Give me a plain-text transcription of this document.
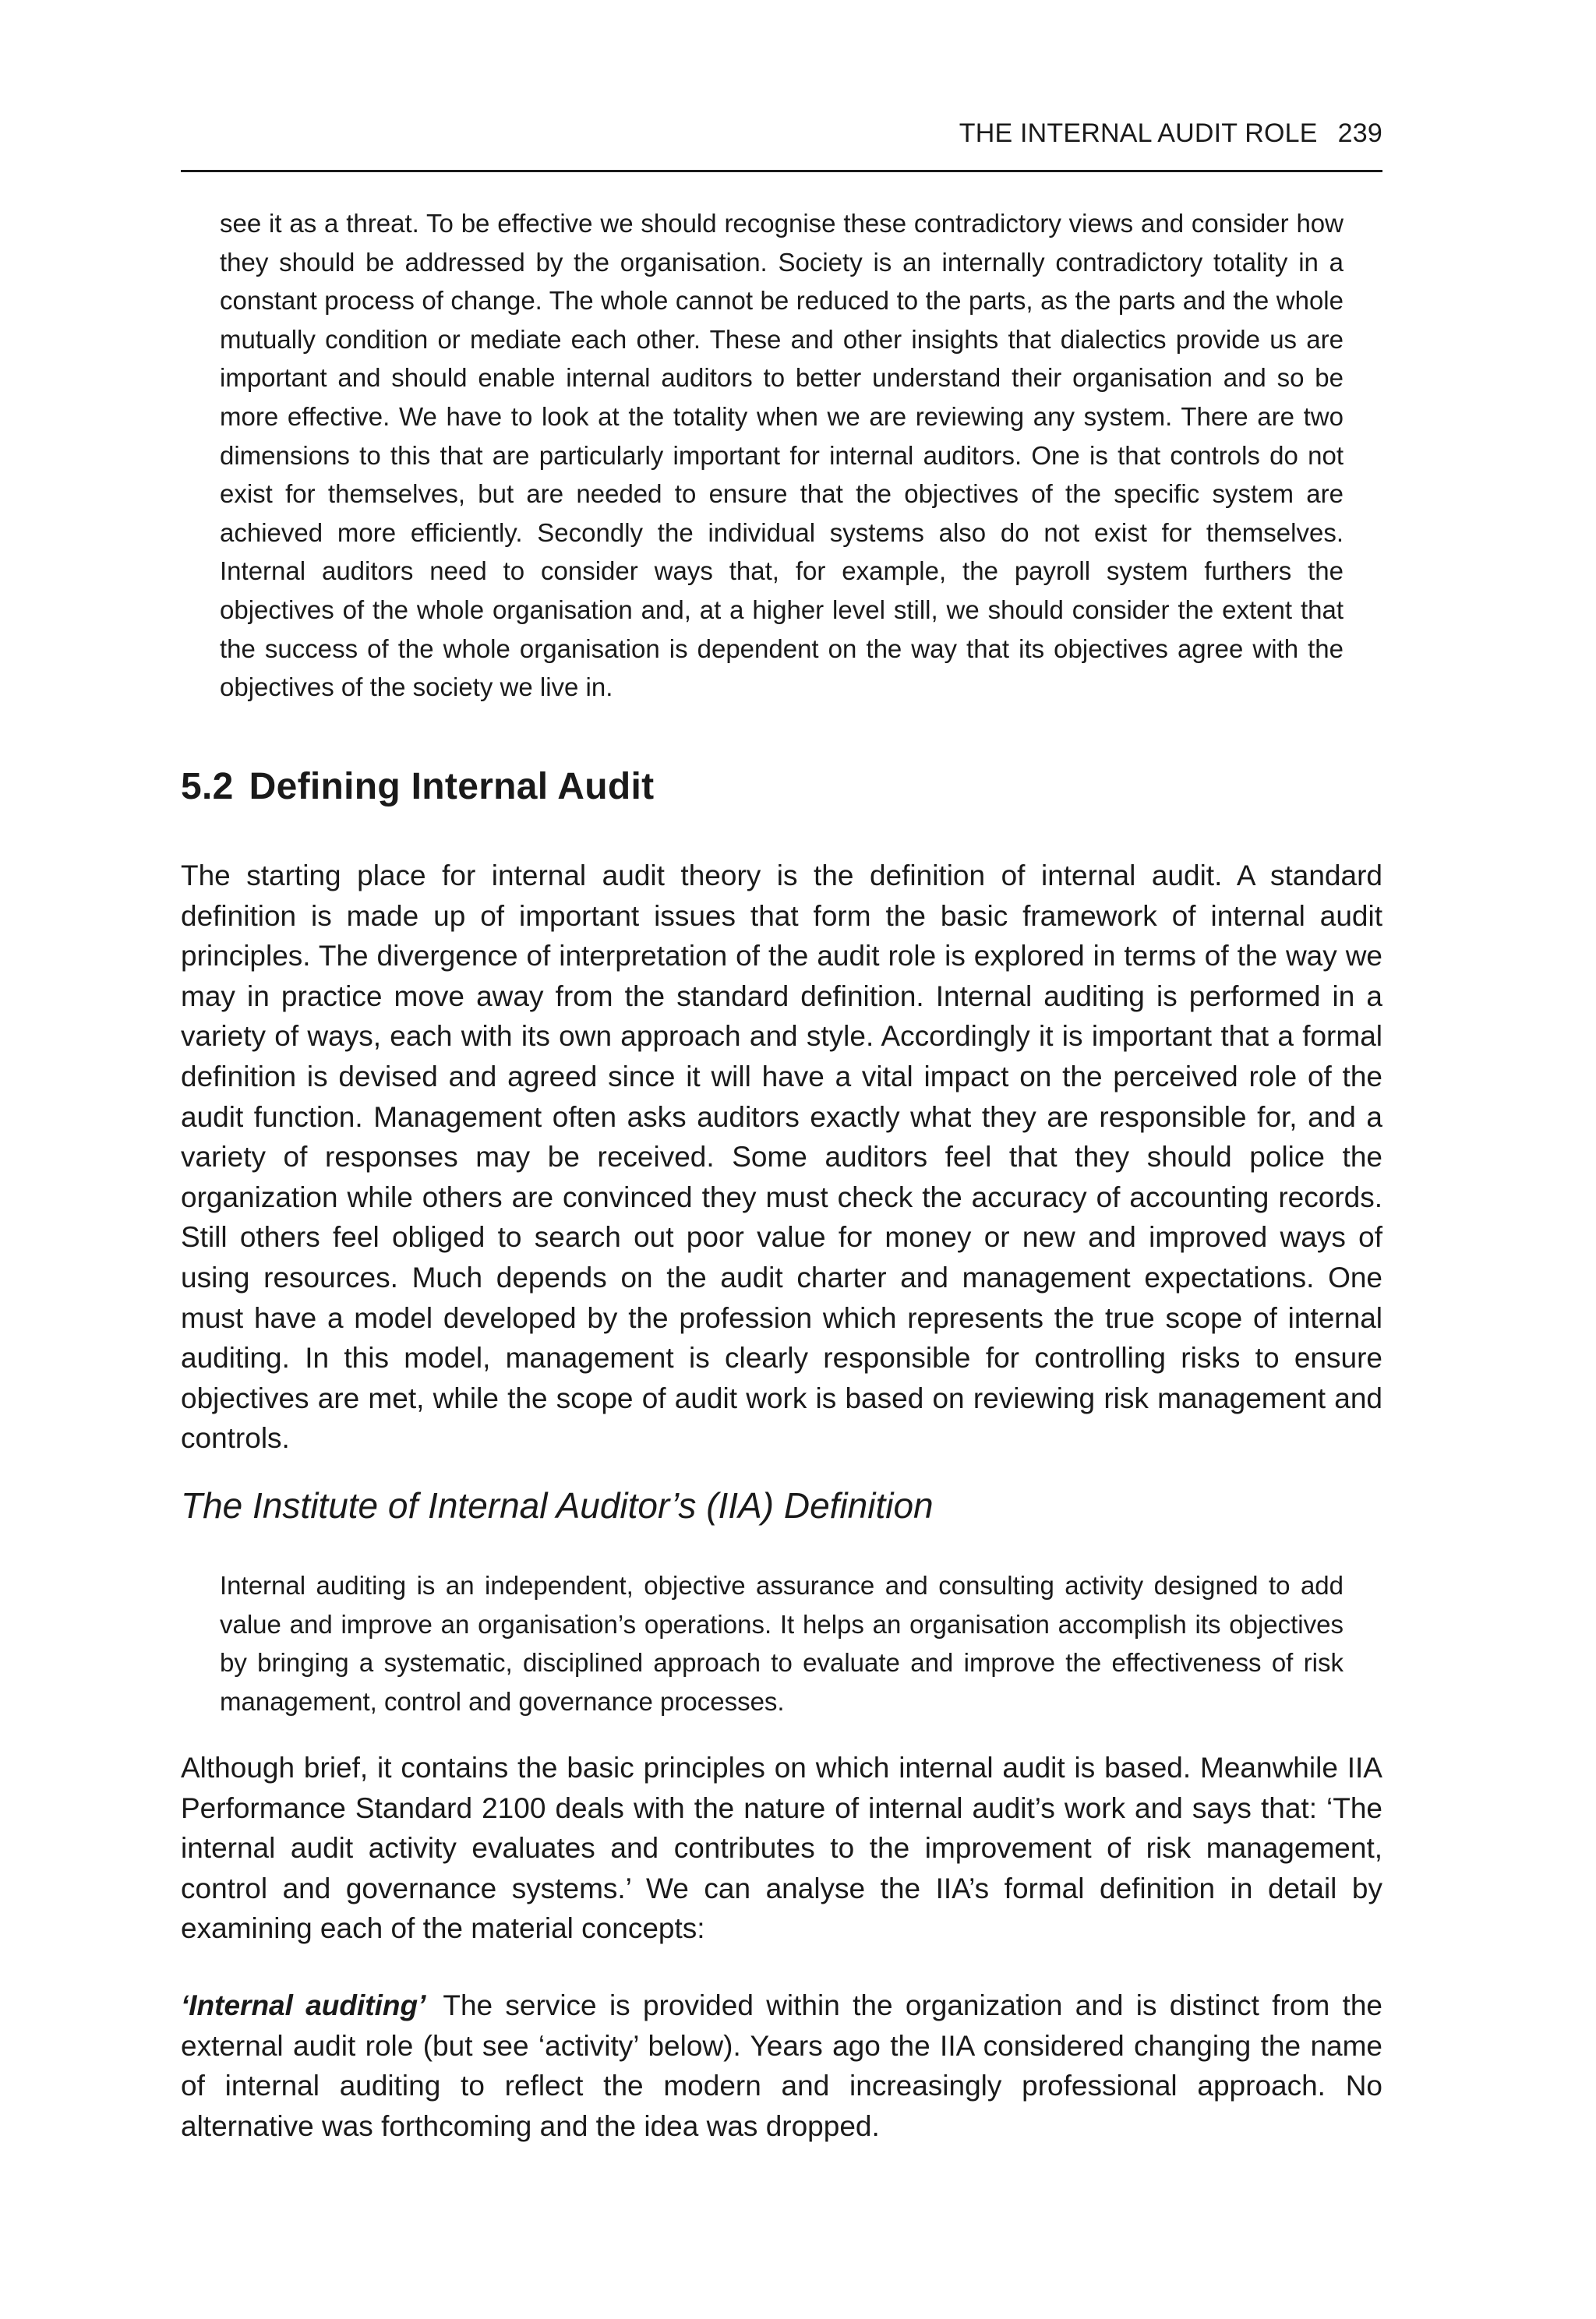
THE INTERNAL AUDIT ROLE 239

see it as a threat. To be effective we should recognise these contradictory views and consider how they should be addressed by the organisation. Society is an internally contradictory totality in a constant process of change. The whole cannot be reduced to the parts, as the parts and the whole mutually condition or mediate each other. These and other insights that dialectics provide us are important and should enable internal auditors to better understand their organisation and so be more effective. We have to look at the totality when we are reviewing any system. There are two dimensions to this that are particularly important for internal auditors. One is that controls do not exist for themselves, but are needed to ensure that the objectives of the specific system are achieved more efficiently. Secondly the individual systems also do not exist for themselves. Internal auditors need to consider ways that, for example, the payroll system furthers the objectives of the whole organisation and, at a higher level still, we should consider the extent that the success of the whole organisation is dependent on the way that its objectives agree with the objectives of the society we live in.

5.2 Defining Internal Audit

The starting place for internal audit theory is the definition of internal audit. A standard definition is made up of important issues that form the basic framework of internal audit principles. The divergence of interpretation of the audit role is explored in terms of the way we may in practice move away from the standard definition. Internal auditing is performed in a variety of ways, each with its own approach and style. Accordingly it is important that a formal definition is devised and agreed since it will have a vital impact on the perceived role of the audit function. Management often asks auditors exactly what they are responsible for, and a variety of responses may be received. Some auditors feel that they should police the organization while others are convinced they must check the accuracy of accounting records. Still others feel obliged to search out poor value for money or new and improved ways of using resources. Much depends on the audit charter and management expectations. One must have a model developed by the profession which represents the true scope of internal auditing. In this model, management is clearly responsible for controlling risks to ensure objectives are met, while the scope of audit work is based on reviewing risk management and controls.

The Institute of Internal Auditor’s (IIA) Definition

Internal auditing is an independent, objective assurance and consulting activity designed to add value and improve an organisation’s operations. It helps an organisation accomplish its objectives by bringing a systematic, disciplined approach to evaluate and improve the effectiveness of risk management, control and governance processes.

Although brief, it contains the basic principles on which internal audit is based. Meanwhile IIA Performance Standard 2100 deals with the nature of internal audit’s work and says that: ‘The internal audit activity evaluates and contributes to the improvement of risk management, control and governance systems.’ We can analyse the IIA’s formal definition in detail by examining each of the material concepts:

‘Internal auditing’ The service is provided within the organization and is distinct from the external audit role (but see ‘activity’ below). Years ago the IIA considered changing the name of internal auditing to reflect the modern and increasingly professional approach. No alternative was forthcoming and the idea was dropped.
